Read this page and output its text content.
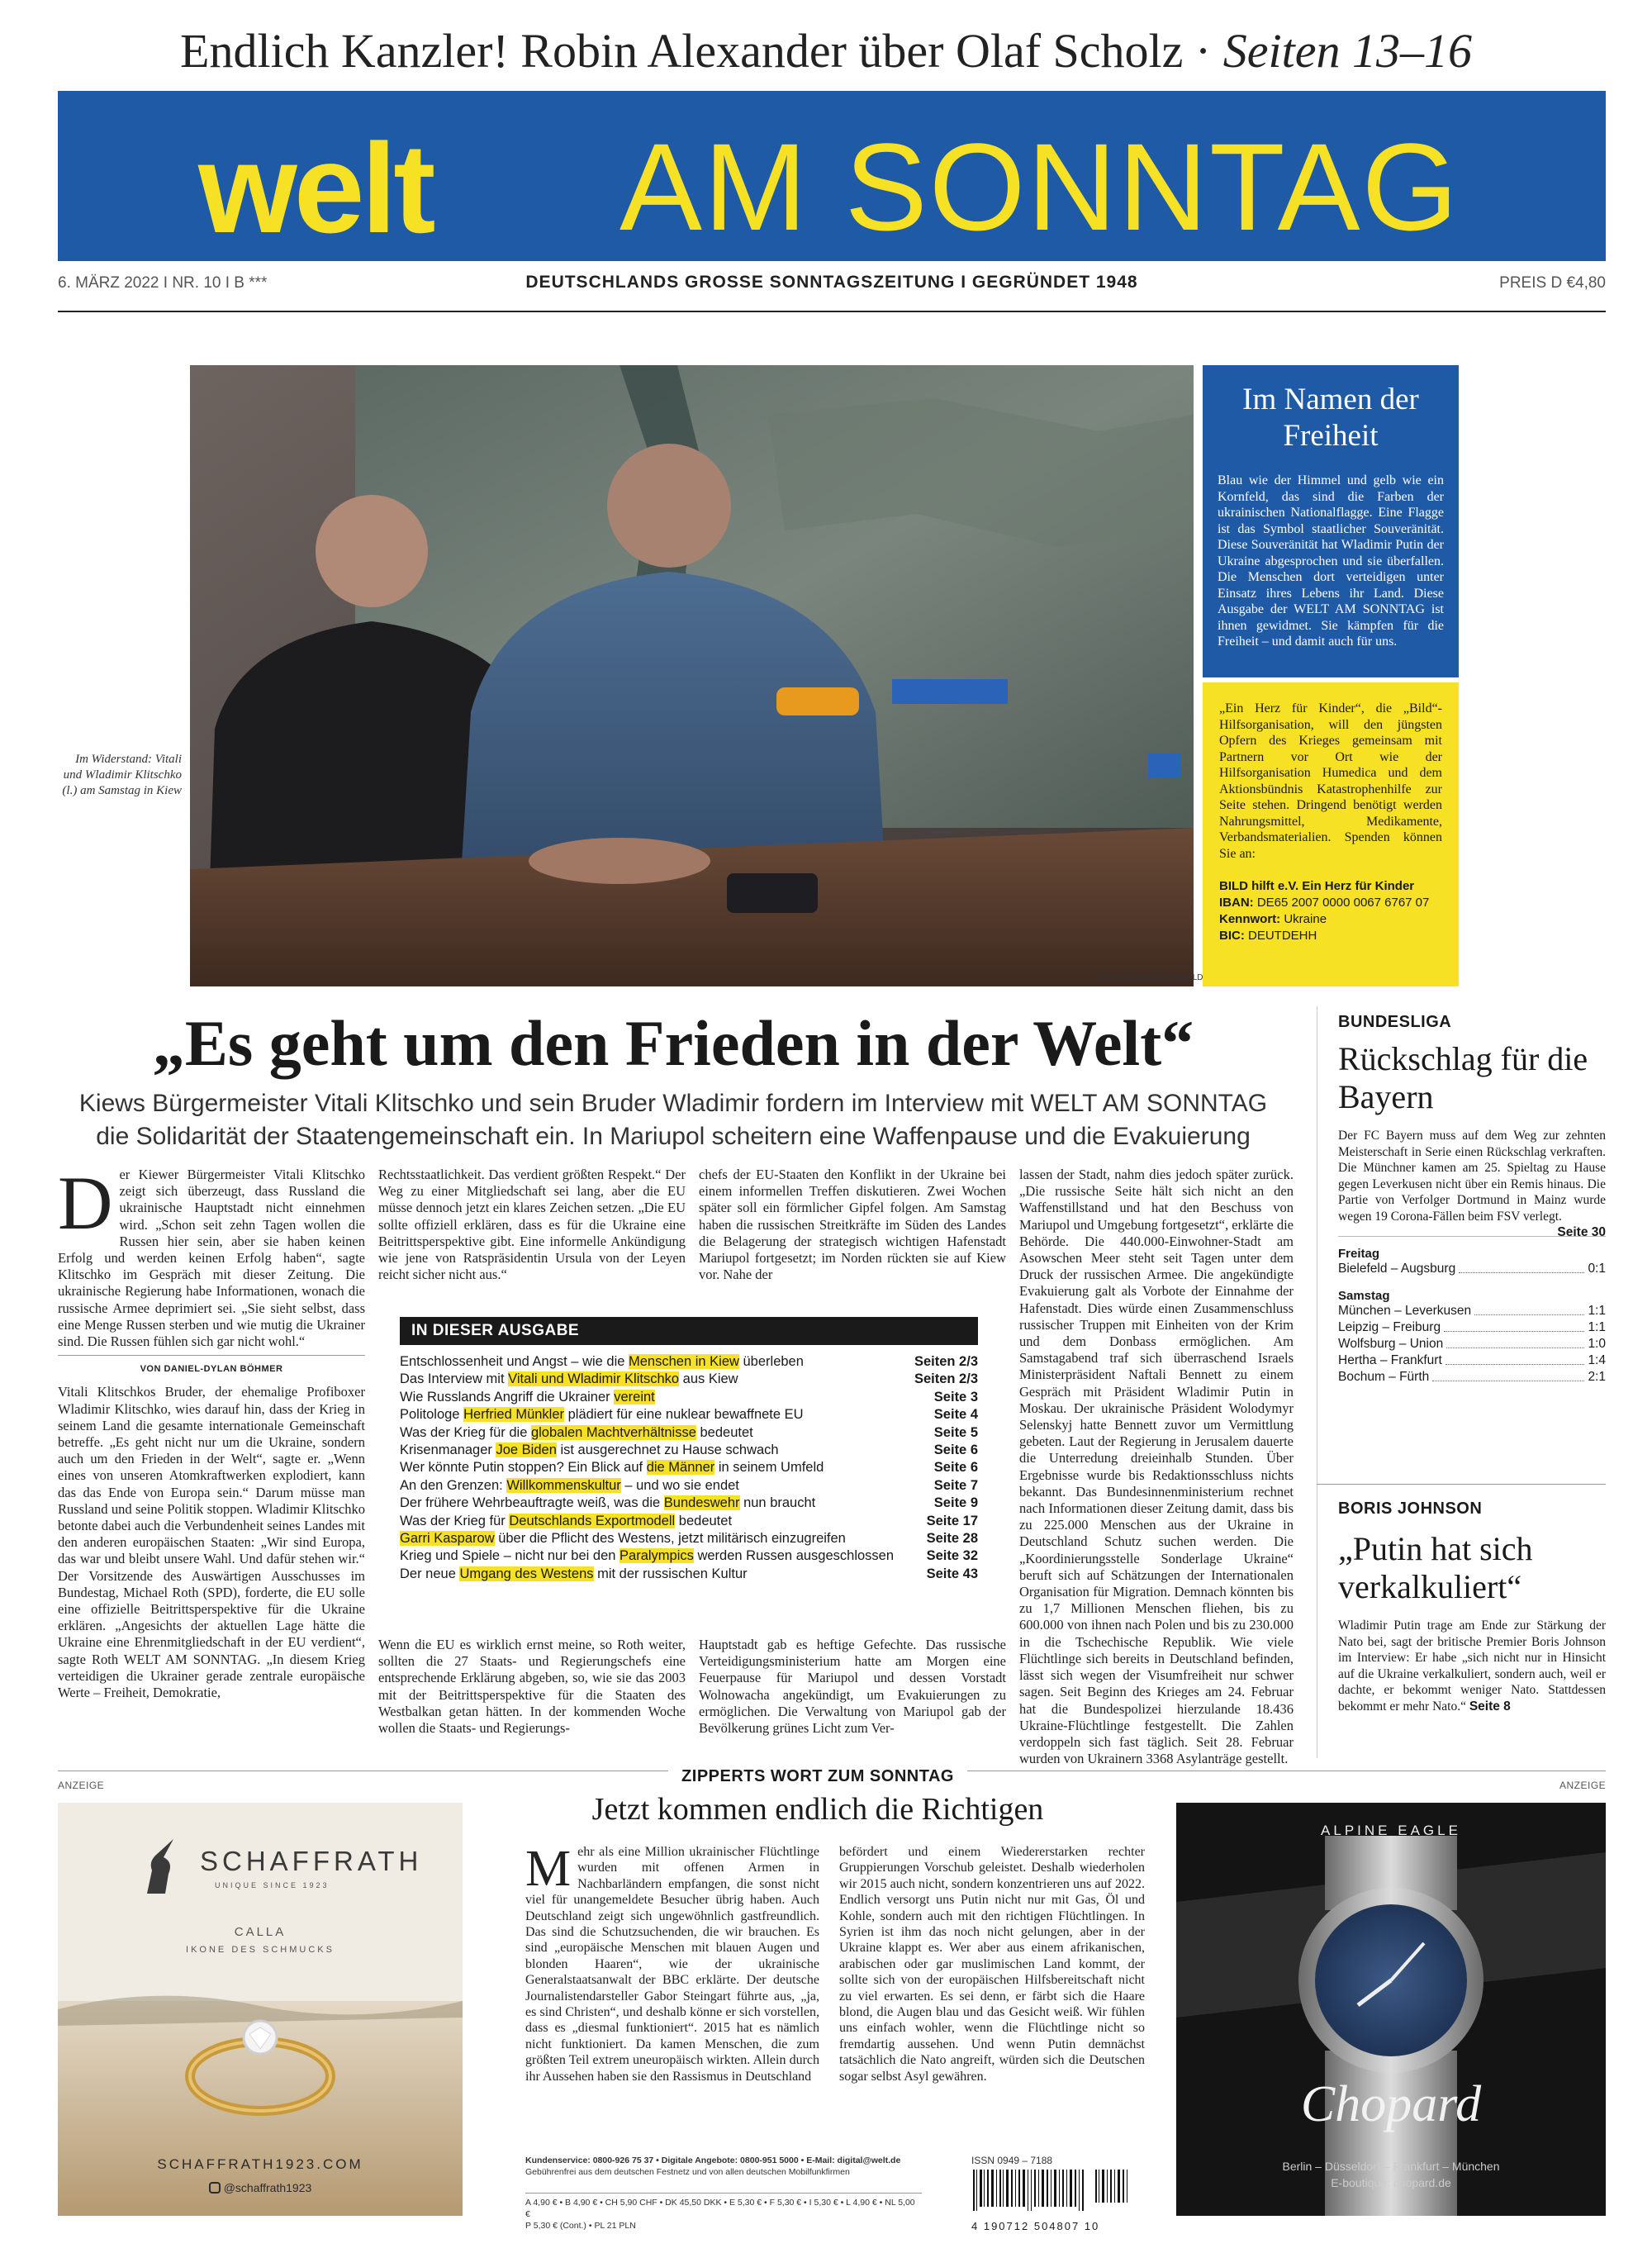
Endlich Kanzler! Robin Alexander über Olaf Scholz · Seiten 13–16
welt AM SONNTAG
6. MÄRZ 2022 I NR. 10 I B ***	DEUTSCHLANDS GROSSE SONNTAGSZEITUNG I GEGRÜNDET 1948	PREIS D €4,80
Im Widerstand: Vitali und Wladimir Klitschko (l.) am Samstag in Kiew
GIORGOS MOUTAFIS/BILD
Im Namen der Freiheit

Blau wie der Himmel und gelb wie ein Kornfeld, das sind die Farben der ukrainischen Nationalflagge. Eine Flagge ist das Symbol staatlicher Souveränität. Diese Souveränität hat Wladimir Putin der Ukraine abgesprochen und sie überfallen. Die Menschen dort verteidigen unter Einsatz ihres Lebens ihr Land. Diese Ausgabe der WELT AM SONNTAG ist ihnen gewidmet. Sie kämpfen für die Freiheit – und damit auch für uns.

„Ein Herz für Kinder“, die „Bild“-Hilfsorganisation, will den jüngsten Opfern des Krieges gemeinsam mit Partnern vor Ort wie der Hilfsorganisation Humedica und dem Aktionsbündnis Katastrophenhilfe zur Seite stehen. Dringend benötigt werden Nahrungsmittel, Medikamente, Verbandsmaterialien. Spenden können Sie an:

BILD hilft e.V. Ein Herz für Kinder
IBAN: DE65 2007 0000 0067 6767 07
Kennwort: Ukraine
BIC: DEUTDEHH
„Es geht um den Frieden in der Welt“
Kiews Bürgermeister Vitali Klitschko und sein Bruder Wladimir fordern im Interview mit WELT AM SONNTAG
die Solidarität der Staatengemeinschaft ein. In Mariupol scheitern eine Waffenpause und die Evakuierung
Der Kiewer Bürgermeister Vitali Klitschko zeigt sich überzeugt, dass Russland die ukrainische Hauptstadt nicht einnehmen wird. „Schon seit zehn Tagen wollen die Russen hier sein, aber sie haben keinen Erfolg und werden keinen Erfolg haben“, sagte Klitschko im Gespräch mit dieser Zeitung. Die ukrainische Regierung habe Informationen, wonach die russische Armee deprimiert sei. „Sie sieht selbst, dass eine Menge Russen sterben und wie mutig die Ukrainer sind. Die Russen fühlen sich gar nicht wohl.“
VON DANIEL-DYLAN BÖHMER
Vitali Klitschkos Bruder, der ehemalige Profiboxer Wladimir Klitschko, wies darauf hin, dass der Krieg in seinem Land die gesamte internationale Gemeinschaft betreffe. „Es geht nicht nur um die Ukraine, sondern auch um den Frieden in der Welt“, sagte er. „Wenn eines von unseren Atomkraftwerken explodiert, kann das das Ende von Europa sein.“ Darum müsse man Russland und seine Politik stoppen. Wladimir Klitschko betonte dabei auch die Verbundenheit seines Landes mit den anderen europäischen Staaten: „Wir sind Europa, das war und bleibt unsere Wahl. Und dafür stehen wir.“ Der Vorsitzende des Auswärtigen Ausschusses im Bundestag, Michael Roth (SPD), forderte, die EU solle eine offizielle Beitrittsperspektive für die Ukraine erklären. „Angesichts der aktuellen Lage hätte die Ukraine eine Ehrenmitgliedschaft in der EU verdient“, sagte Roth WELT AM SONNTAG. „In diesem Krieg verteidigen die Ukrainer gerade zentrale europäische Werte – Freiheit, Demokratie,
Rechtsstaatlichkeit. Das verdient größten Respekt.“ Der Weg zu einer Mitgliedschaft sei lang, aber die EU müsse dennoch jetzt ein klares Zeichen setzen. „Die EU sollte offiziell erklären, dass es für die Ukraine eine Beitrittsperspektive gibt. Eine informelle Ankündigung wie jene von Ratspräsidentin Ursula von der Leyen reicht sicher nicht aus.“
chefs der EU-Staaten den Konflikt in der Ukraine bei einem informellen Treffen diskutieren. Zwei Wochen später soll ein förmlicher Gipfel folgen. Am Samstag haben die russischen Streitkräfte im Süden des Landes die Belagerung der strategisch wichtigen Hafenstadt Mariupol fortgesetzt; im Norden rückten sie auf Kiew vor. Nahe der
lassen der Stadt, nahm dies jedoch später zurück. „Die russische Seite hält sich nicht an den Waffenstillstand und hat den Beschuss von Mariupol und Umgebung fortgesetzt“, erklärte die Behörde. Die 440.000-Einwohner-Stadt am Asowschen Meer steht seit Tagen unter dem Druck der russischen Armee. Die angekündigte Evakuierung galt als Vorbote der Einnahme der Hafenstadt. Dies würde einen Zusammenschluss russischer Truppen mit Einheiten von der Krim und dem Donbass ermöglichen. Am Samstagabend traf sich überraschend Israels Ministerpräsident Naftali Bennett zu einem Gespräch mit Präsident Wladimir Putin in Moskau. Der ukrainische Präsident Wolodymyr Selenskyj hatte Bennett zuvor um Vermittlung gebeten. Laut der Regierung in Jerusalem dauerte die Unterredung dreieinhalb Stunden. Über Ergebnisse wurde bis Redaktionsschluss nichts bekannt. Das Bundesinnenministerium rechnet nach Informationen dieser Zeitung damit, dass bis zu 225.000 Menschen aus der Ukraine in Deutschland Schutz suchen werden. Die „Koordinierungsstelle Sonderlage Ukraine“ beruft sich auf Schätzungen der Internationalen Organisation für Migration. Demnach könnten bis zu 1,7 Millionen Menschen fliehen, bis zu 600.000 von ihnen nach Polen und bis zu 230.000 in die Tschechische Republik. Wie viele Flüchtlinge sich bereits in Deutschland befinden, lässt sich wegen der Visumfreiheit nur schwer sagen. Seit Beginn des Krieges am 24. Februar hat die Bundespolizei hierzulande 18.436 Ukraine-Flüchtlinge festgestellt. Die Zahlen verdoppeln sich fast täglich. Seit 28. Februar wurden von Ukrainern 3368 Asylanträge gestellt.
IN DIESER AUSGABE
Entschlossenheit und Angst – wie die Menschen in Kiew überleben	Seiten 2/3
Das Interview mit Vitali und Wladimir Klitschko aus Kiew	Seiten 2/3
Wie Russlands Angriff die Ukrainer vereint	Seite 3
Politologe Herfried Münkler plädiert für eine nuklear bewaffnete EU	Seite 4
Was der Krieg für die globalen Machtverhältnisse bedeutet	Seite 5
Krisenmanager Joe Biden ist ausgerechnet zu Hause schwach	Seite 6
Wer könnte Putin stoppen? Ein Blick auf die Männer in seinem Umfeld	Seite 6
An den Grenzen: Willkommenskultur – und wo sie endet	Seite 7
Der frühere Wehrbeauftragte weiß, was die Bundeswehr nun braucht	Seite 9
Was der Krieg für Deutschlands Exportmodell bedeutet	Seite 17
Garri Kasparow über die Pflicht des Westens, jetzt militärisch einzugreifen	Seite 28
Krieg und Spiele – nicht nur bei den Paralympics werden Russen ausgeschlossen Seite 32
Der neue Umgang des Westens mit der russischen Kultur	Seite 43
Wenn die EU es wirklich ernst meine, so Roth weiter, sollten die 27 Staats- und Regierungschefs eine entsprechende Erklärung abgeben, so, wie sie das 2003 mit der Beitrittsperspektive für die Staaten des Westbalkan getan hätten. In der kommenden Woche wollen die Staats- und Regierungs-
Hauptstadt gab es heftige Gefechte. Das russische Verteidigungsministerium hatte am Morgen eine Feuerpause für Mariupol und dessen Vorstadt Wolnowacha angekündigt, um Evakuierungen zu ermöglichen. Die Verwaltung von Mariupol gab der Bevölkerung grünes Licht zum Ver-
BUNDESLIGA
Rückschlag für die Bayern
Der FC Bayern muss auf dem Weg zur zehnten Meisterschaft in Serie einen Rückschlag verkraften. Die Münchner kamen am 25. Spieltag zu Hause gegen Leverkusen nicht über ein Remis hinaus. Die Partie von Verfolger Dortmund in Mainz wurde wegen 19 Corona-Fällen beim FSV verlegt.
Seite 30
Freitag
Bielefeld – Augsburg	0:1
Samstag
München – Leverkusen	1:1
Leipzig – Freiburg	1:1
Wolfsburg – Union	1:0
Hertha – Frankfurt	1:4
Bochum – Fürth	2:1
BORIS JOHNSON
„Putin hat sich verkalkuliert“
Wladimir Putin trage am Ende zur Stärkung der Nato bei, sagt der britische Premier Boris Johnson im Interview: Er habe „sich nicht nur in Hinsicht auf die Ukraine verkalkuliert, sondern auch, weil er dachte, er bekommt weniger Nato. Stattdessen bekommt er mehr Nato.“ Seite 8
ANZEIGE	ANZEIGE
SCHAFFRATH
UNIQUE SINCE 1923
CALLA
IKONE DES SCHMUCKS
SCHAFFRATH1923.COM
@schaffrath1923
ZIPPERTS WORT ZUM SONNTAG
Jetzt kommen endlich die Richtigen
Mehr als eine Million ukrainischer Flüchtlinge wurden mit offenen Armen in Nachbarländern empfangen, die sonst nicht viel für unangemeldete Besucher übrig haben. Auch Deutschland zeigt sich ungewöhnlich gastfreundlich. Das sind die Schutzsuchenden, die wir brauchen. Es sind „europäische Menschen mit blauen Augen und blonden Haaren“, wie der ukrainische Generalstaatsanwalt der BBC erklärte. Der deutsche Journalistendarsteller Gabor Steingart führte aus, „ja, es sind Christen“, und deshalb könne er sich vorstellen, dass es „diesmal funktioniert“. 2015 hat es nämlich nicht funktioniert. Da kamen Menschen, die zum größten Teil extrem uneuropäisch wirkten. Allein durch ihr Aussehen haben sie den Rassismus in Deutschland
befördert und einem Wiedererstarken rechter Gruppierungen Vorschub geleistet. Deshalb wiederholen wir 2015 auch nicht, sondern konzentrieren uns auf 2022. Endlich versorgt uns Putin nicht nur mit Gas, Öl und Kohle, sondern auch mit den richtigen Flüchtlingen. In Syrien ist ihm das noch nicht gelungen, aber in der Ukraine klappt es. Wer aber aus einem afrikanischen, arabischen oder gar muslimischen Land kommt, der sollte sich von der europäischen Hilfsbereitschaft nicht zu viel erwarten. Es sei denn, er färbt sich die Haare blond, die Augen blau und das Gesicht weiß. Wir fühlen uns einfach wohler, wenn die Flüchtlinge nicht so fremdartig aussehen. Und wenn Putin demnächst tatsächlich die Nato angreift, würden sich die Deutschen sogar selbst Asyl gewähren.
Kundenservice: 0800-926 75 37 • Digitale Angebote: 0800-951 5000 • E-Mail: digital@welt.de
Gebührenfrei aus dem deutschen Festnetz und von allen deutschen Mobilfunkfirmen
A 4,90 € • B 4,90 € • CH 5,90 CHF • DK 45,50 DKK • E 5,30 € • F 5,30 € • I 5,30 € • L 4,90 € • NL 5,00 €
P 5,30 € (Cont.) • PL 21 PLN
ISSN 0949 – 7188
4 190712 504807 10
ALPINE EAGLE
Chopard
Berlin – Düsseldorf – Frankfurt – München
E-boutique: chopard.de
